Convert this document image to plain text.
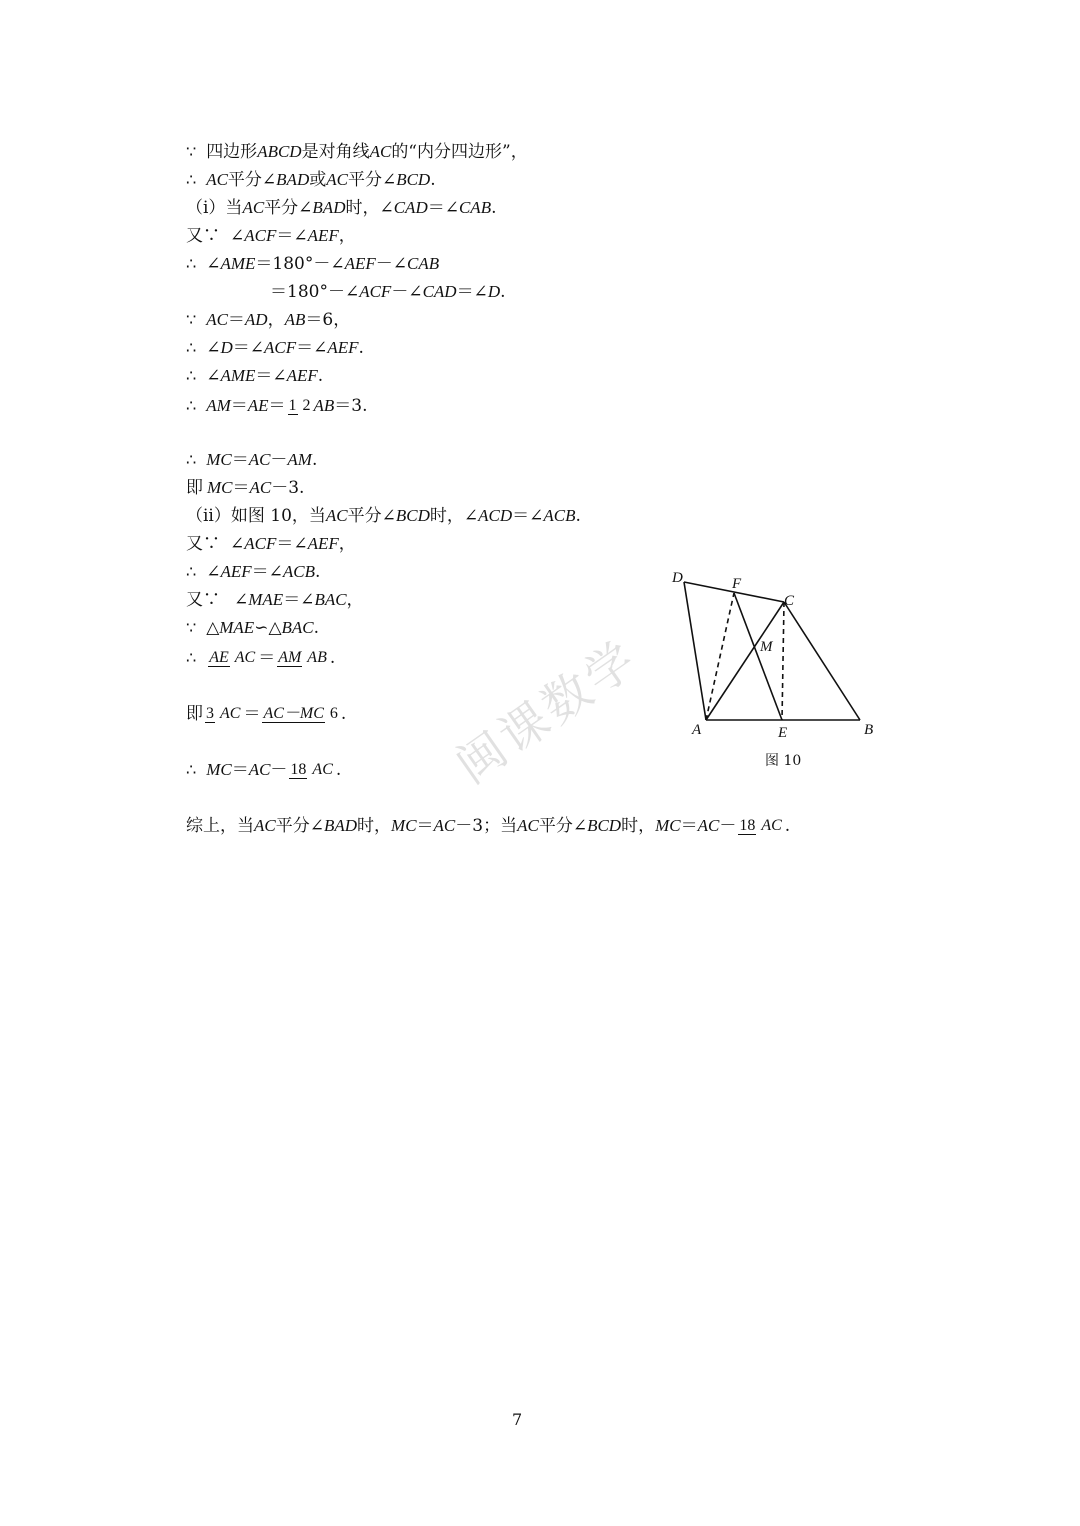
∵ 四边形 ABCD 是对角线 AC 的“内分四边形”，
∴ AC 平分∠ BAD 或 AC 平分∠ BCD .
（i）当 AC 平分∠ BAD 时，∠ CAD ＝∠ CAB .
又∵ ∠ ACF ＝∠ AEF ，
∴ ∠ AME ＝180°－∠ AEF －∠ CAB
＝180°－∠ ACF －∠ CAD ＝∠ D .
∵ AC ＝ AD ， AB ＝6，
∴ ∠ D ＝∠ ACF ＝∠ AEF .
∴ ∠ AME ＝∠ AEF .
∴ AM ＝ AE ＝ 1 2 AB ＝3.
∴ MC ＝ AC － AM .
即 MC ＝ AC －3.
（ii）如图 10，当 AC 平分∠ BCD 时，∠ ACD ＝∠ ACB .
又∵ ∠ ACF ＝∠ AEF ，
∴ ∠ AEF ＝∠ ACB .
又∵ ∠ MAE ＝∠ BAC ，
∵ △ MAE ∽△ BAC .
∴ AE AC ＝ AM AB .
即 3 AC ＝ AC－MC 6 .
∴ MC ＝ AC － 18 AC .
综上，当 AC 平分∠ BAD 时， MC ＝ AC －3；当 AC 平分∠ BCD 时， MC ＝ AC － 18 AC .
D	F
C
M
A	E	B
图 10
闽课数学
7
